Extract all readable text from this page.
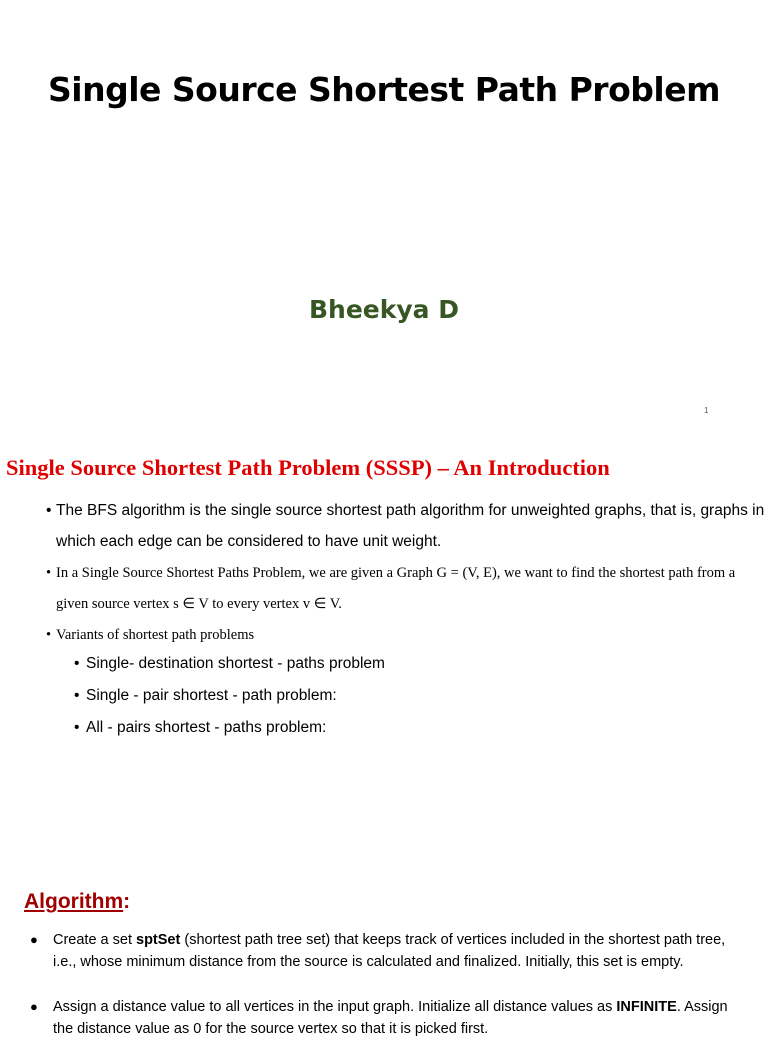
Single Source Shortest Path Problem
Bheekya D
1
Single Source Shortest Path Problem (SSSP) – An Introduction
• The BFS algorithm is the single source shortest path algorithm for unweighted graphs, that is, graphs in which each edge can be considered to have unit weight.
• In a Single Source Shortest Paths Problem, we are given a Graph G = (V, E), we want to find the shortest path from a given source vertex s ∈ V to every vertex v ∈ V.
• Variants of shortest path problems
• Single- destination shortest - paths problem
• Single - pair shortest - path problem:
• All - pairs shortest - paths problem:
Algorithm:
●	Create a set sptSet (shortest path tree set) that keeps track of vertices included in the shortest path tree, i.e., whose minimum distance from the source is calculated and finalized. Initially, this set is empty.
●	Assign a distance value to all vertices in the input graph. Initialize all distance values as INFINITE. Assign the distance value as 0 for the source vertex so that it is picked first.
